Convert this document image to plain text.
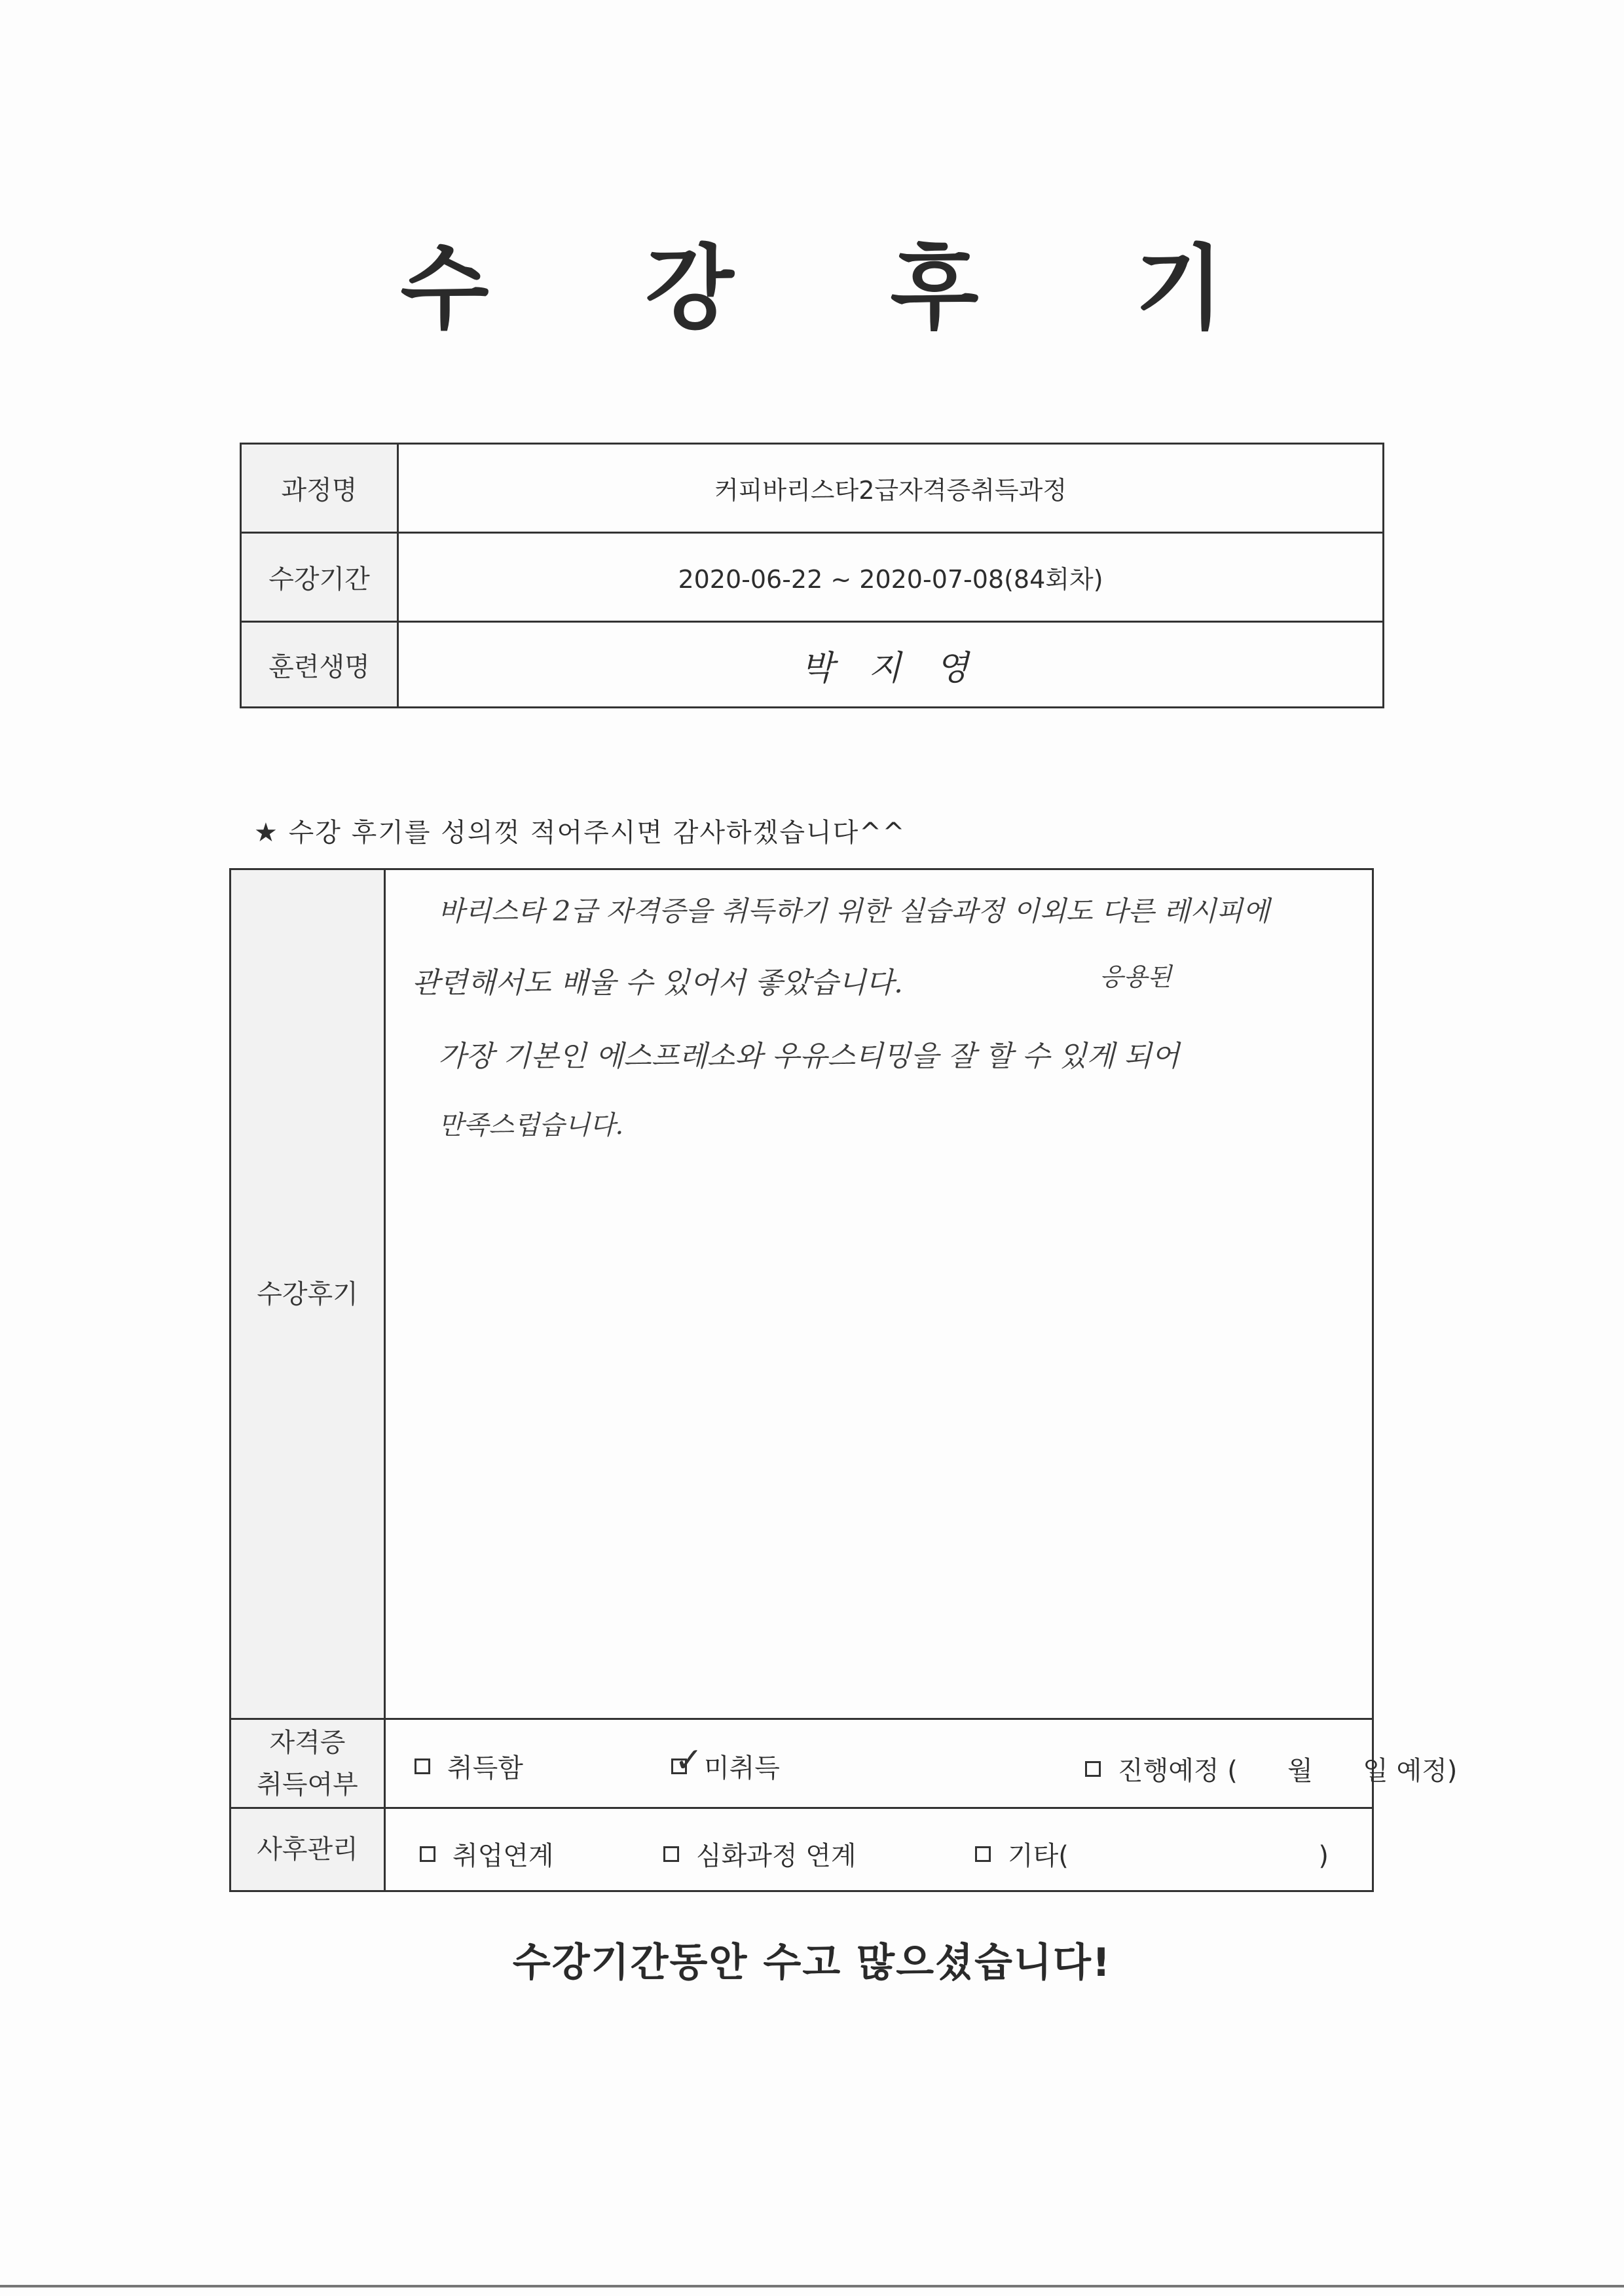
수 강 후 기
과정명	커피바리스타2급자격증취득과정
수강기간	2020-06-22 ~ 2020-07-08(84회차)
훈련생명	박 지 영
★ 수강 후기를 성의껏 적어주시면 감사하겠습니다^^
수강후기
바리스타 2급 자격증을 취득하기 위한 실습과정 이외도 다른 레시피에
응용된
관련해서도 배울 수 있어서 좋았습니다.
가장 기본인 에스프레소와 우유스티밍을 잘 할 수 있게 되어
만족스럽습니다.
자격증
취득여부
취득함	✓ 미취득	진행예정 (      월      일 예정)
사후관리	취업연계	심화과정 연계	기타(                              )
수강기간동안 수고 많으셨습니다!
